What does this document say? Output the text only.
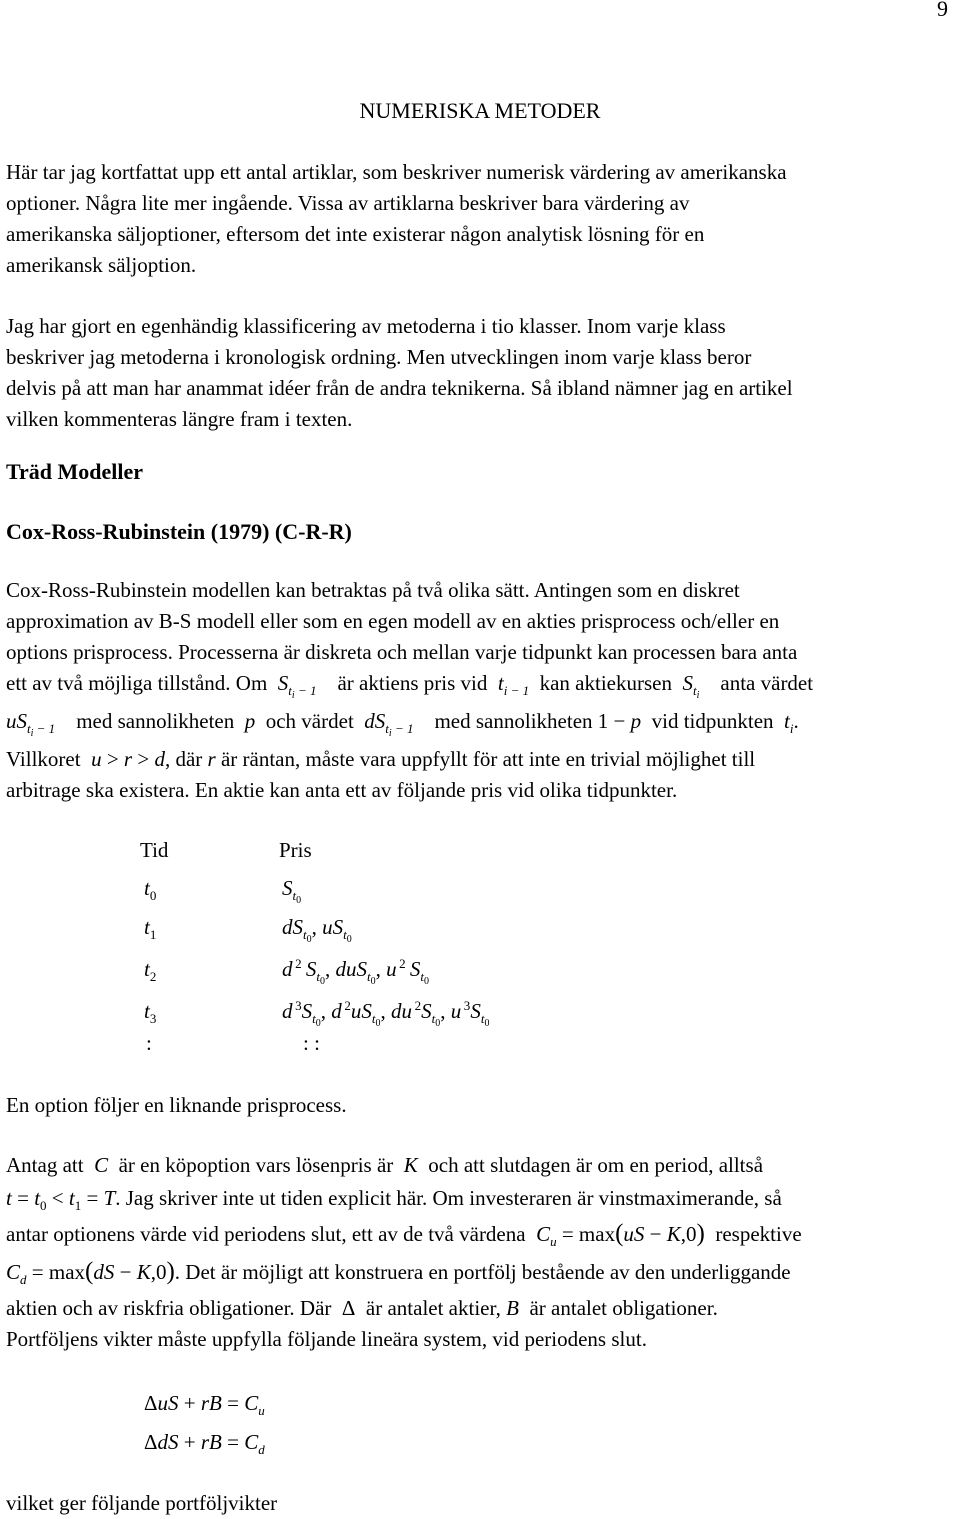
9
NUMERISKA METODER
Här tar jag kortfattat upp ett antal artiklar, som beskriver numerisk värdering av amerikanska
optioner. Några lite mer ingående. Vissa av artiklarna beskriver bara värdering av
amerikanska säljoptioner, eftersom det inte existerar någon analytisk lösning för en
amerikansk säljoption.
Jag har gjort en egenhändig klassificering av metoderna i tio klasser. Inom varje klass
beskriver jag metoderna i kronologisk ordning. Men utvecklingen inom varje klass beror
delvis på att man har anammat idéer från de andra teknikerna. Så ibland nämner jag en artikel
vilken kommenteras längre fram i texten.
Träd Modeller
Cox-Ross-Rubinstein (1979) (C-R-R)
Cox-Ross-Rubinstein modellen kan betraktas på två olika sätt. Antingen som en diskret
approximation av B-S modell eller som en egen modell av en akties prisprocess och/eller en
options prisprocess. Processerna är diskreta och mellan varje tidpunkt kan processen bara anta
ett av två möjliga tillstånd. Om $S_{t_i - 1}$ är aktiens pris vid $t_{i - 1}$ kan aktiekursen $S_{t_i}$    anta värdet
$uS_{t_i - 1}$ med sannolikheten p och värdet $dS_{t_i - 1}$ med sannolikheten 1 − p vid tidpunkten $t_i$.
Villkoret u > r > d, där r är räntan, måste vara uppfyllt för att inte en trivial möjlighet till
arbitrage ska existera. En aktie kan anta ett av följande pris vid olika tidpunkter.
Tid	Pris
$t_0$	$S_{t_0}$
$t_1$	$dS_{t_0}$, $uS_{t_0}$
$t_2$	d $^2$ $S_{t_0}$, duS$_{t_0}$, u $^2$ $S_{t_0}$
$t_3$	d $^3S_{t_0}$, d $^2uS_{t_0}$, du $^2S_{t_0}$, u $^3S_{t_0}$
:	: :
En option följer en liknande prisprocess.
Antag att C är en köpoption vars lösenpris är K och att slutdagen är om en period, alltså
$t = t_0 < t_1 = T$. Jag skriver inte ut tiden explicit här. Om investeraren är vinstmaximerande, så
antar optionens värde vid periodens slut, ett av de två värdena $C_u = \max(uS - K,0)$ respektive
$C_d = \max(dS - K,0)$. Det är möjligt att konstruera en portfölj bestående av den underliggande
aktien och av riskfria obligationer. Där Δ är antalet aktier, B är antalet obligationer.
Portföljens vikter måste uppfylla följande lineära system, vid periodens slut.
ΔuS + rB = $C_u$
ΔdS + rB = $C_d$
vilket ger följande portföljvikter
